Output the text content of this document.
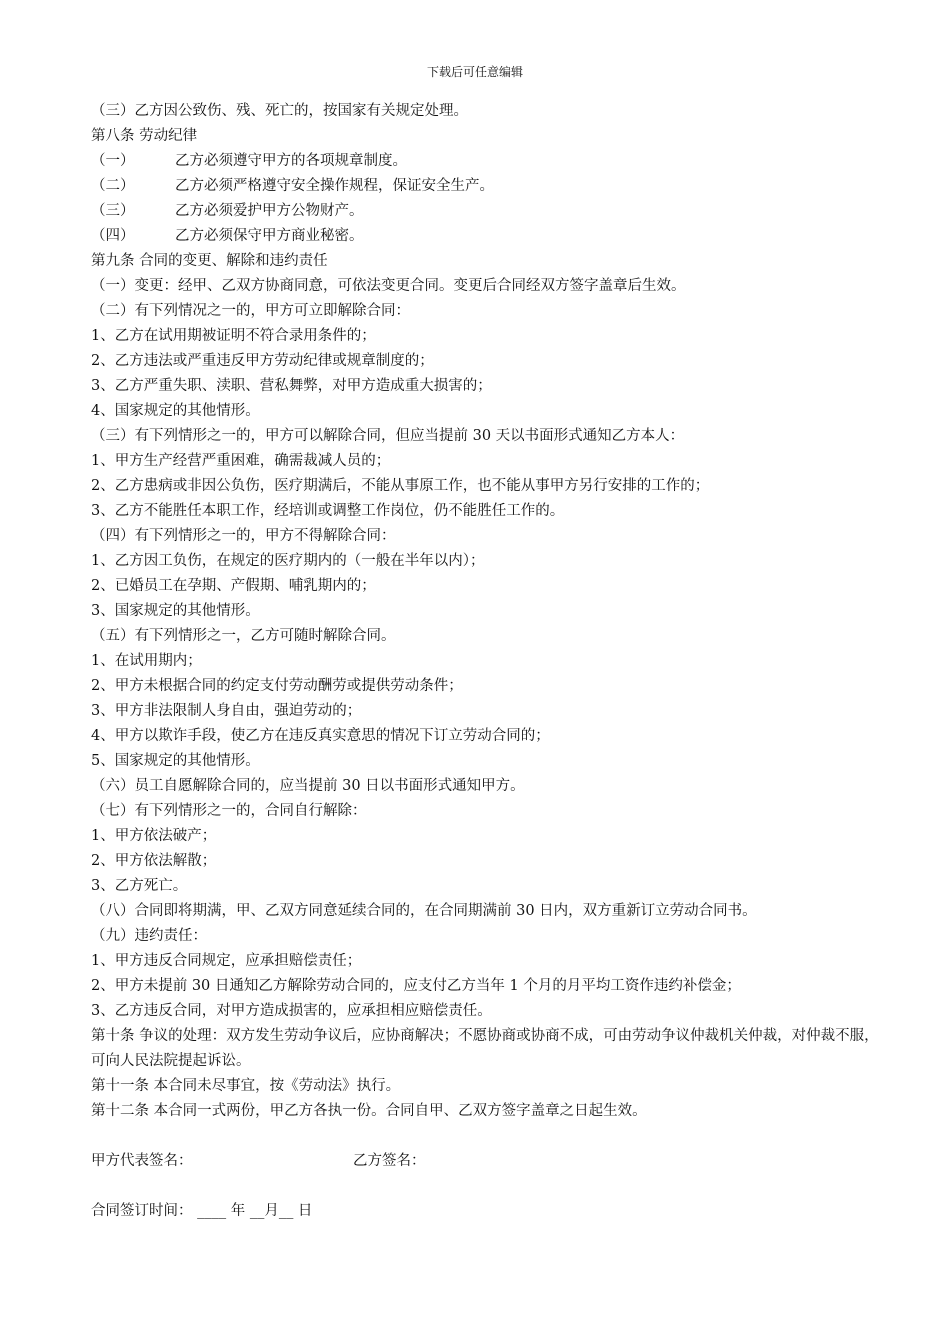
下载后可任意编辑
（三）乙方因公致伤、残、死亡的，按国家有关规定处理。
第八条 劳动纪律
（一）	乙方必须遵守甲方的各项规章制度。
（二）	乙方必须严格遵守安全操作规程，保证安全生产。
（三）	乙方必须爱护甲方公物财产。
（四）	乙方必须保守甲方商业秘密。
第九条 合同的变更、解除和违约责任
（一）变更：经甲、乙双方协商同意，可依法变更合同。变更后合同经双方签字盖章后生效。
（二）有下列情况之一的，甲方可立即解除合同：
1、乙方在试用期被证明不符合录用条件的；
2、乙方违法或严重违反甲方劳动纪律或规章制度的；
3、乙方严重失职、渎职、营私舞弊，对甲方造成重大损害的；
4、国家规定的其他情形。
（三）有下列情形之一的，甲方可以解除合同，但应当提前 30 天以书面形式通知乙方本人：
1、甲方生产经营严重困难，确需裁减人员的；
2、乙方患病或非因公负伤，医疗期满后，不能从事原工作，也不能从事甲方另行安排的工作的；
3、乙方不能胜任本职工作，经培训或调整工作岗位，仍不能胜任工作的。
（四）有下列情形之一的，甲方不得解除合同：
1、乙方因工负伤，在规定的医疗期内的（一般在半年以内）；
2、已婚员工在孕期、产假期、哺乳期内的；
3、国家规定的其他情形。
（五）有下列情形之一，乙方可随时解除合同。
1、在试用期内；
2、甲方未根据合同的约定支付劳动酬劳或提供劳动条件；
3、甲方非法限制人身自由，强迫劳动的；
4、甲方以欺诈手段，使乙方在违反真实意思的情况下订立劳动合同的；
5、国家规定的其他情形。
（六）员工自愿解除合同的，应当提前 30 日以书面形式通知甲方。
（七）有下列情形之一的，合同自行解除：
1、甲方依法破产；
2、甲方依法解散；
3、乙方死亡。
（八）合同即将期满，甲、乙双方同意延续合同的，在合同期满前 30 日内，双方重新订立劳动合同书。
（九）违约责任：
1、甲方违反合同规定，应承担赔偿责任；
2、甲方未提前 30 日通知乙方解除劳动合同的，应支付乙方当年 1 个月的月平均工资作违约补偿金；
3、乙方违反合同，对甲方造成损害的，应承担相应赔偿责任。
第十条 争议的处理：双方发生劳动争议后，应协商解决；不愿协商或协商不成，可由劳动争议仲裁机关仲裁，对仲裁不服，可向人民法院提起诉讼。
第十一条 本合同未尽事宜，按《劳动法》执行。
第十二条 本合同一式两份，甲乙方各执一份。合同自甲、乙双方签字盖章之日起生效。
甲方代表签名：	乙方签名：
合同签订时间： ____ 年 __月__ 日
